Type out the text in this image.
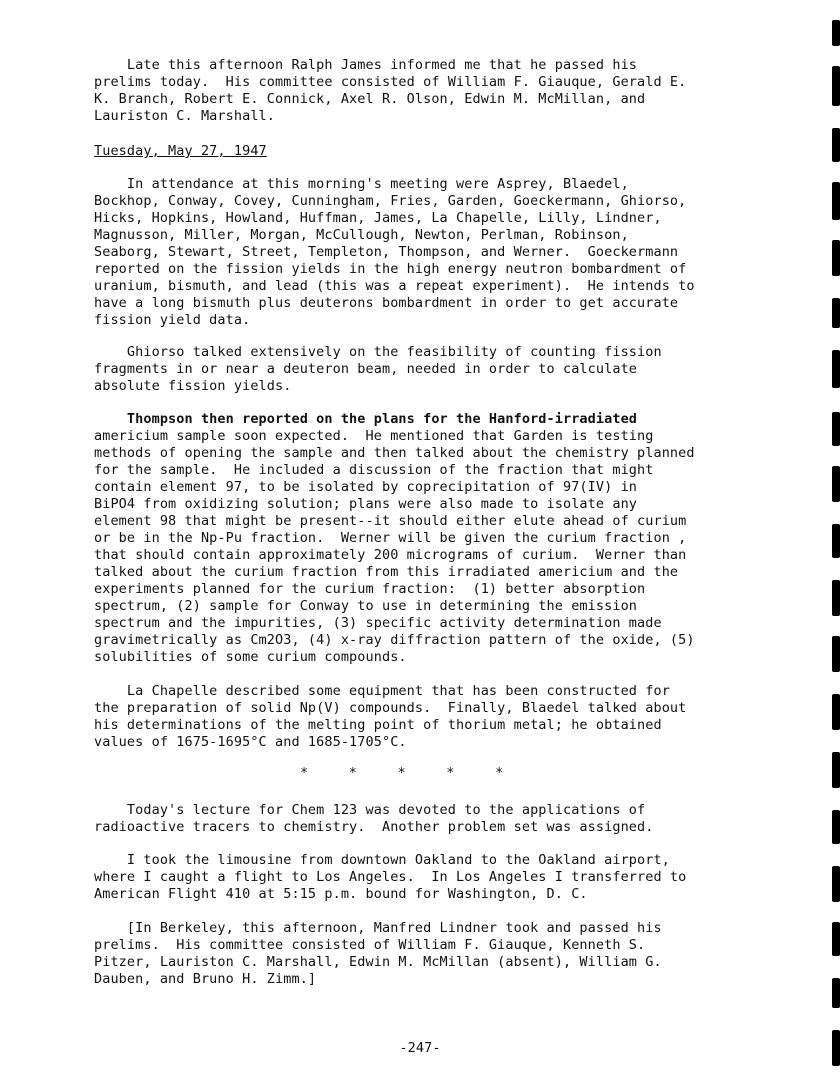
Late this afternoon Ralph James informed me that he passed his
prelims today.  His committee consisted of William F. Giauque, Gerald E.
K. Branch, Robert E. Connick, Axel R. Olson, Edwin M. McMillan, and
Lauriston C. Marshall.

Tuesday, May 27, 1947

In attendance at this morning's meeting were Asprey, Blaedel,
Bockhop, Conway, Covey, Cunningham, Fries, Garden, Goeckermann, Ghiorso,
Hicks, Hopkins, Howland, Huffman, James, La Chapelle, Lilly, Lindner,
Magnusson, Miller, Morgan, McCullough, Newton, Perlman, Robinson,
Seaborg, Stewart, Street, Templeton, Thompson, and Werner.  Goeckermann
reported on the fission yields in the high energy neutron bombardment of
uranium, bismuth, and lead (this was a repeat experiment).  He intends to
have a long bismuth plus deuterons bombardment in order to get accurate
fission yield data.

Ghiorso talked extensively on the feasibility of counting fission
fragments in or near a deuteron beam, needed in order to calculate
absolute fission yields.

Thompson then reported on the plans for the Hanford-irradiated

americium sample soon expected.  He mentioned that Garden is testing
methods of opening the sample and then talked about the chemistry planned
for the sample.  He included a discussion of the fraction that might
contain element 97, to be isolated by coprecipitation of 97(IV) in
BiPO4 from oxidizing solution; plans were also made to isolate any
element 98 that might be present--it should either elute ahead of curium
or be in the Np-Pu fraction.  Werner will be given the curium fraction ,
that should contain approximately 200 micrograms of curium.  Werner than
talked about the curium fraction from this irradiated americium and the
experiments planned for the curium fraction:  (1) better absorption
spectrum, (2) sample for Conway to use in determining the emission
spectrum and the impurities, (3) specific activity determination made
gravimetrically as Cm2O3, (4) x-ray diffraction pattern of the oxide, (5)
solubilities of some curium compounds.

La Chapelle described some equipment that has been constructed for
the preparation of solid Np(V) compounds.  Finally, Blaedel talked about
his determinations of the melting point of thorium metal; he obtained
values of 1675-1695°C and 1685-1705°C.

*     *     *     *     *

Today's lecture for Chem 123 was devoted to the applications of
radioactive tracers to chemistry.  Another problem set was assigned.

I took the limousine from downtown Oakland to the Oakland airport,
where I caught a flight to Los Angeles.  In Los Angeles I transferred to
American Flight 410 at 5:15 p.m. bound for Washington, D. C.

[In Berkeley, this afternoon, Manfred Lindner took and passed his
prelims.  His committee consisted of William F. Giauque, Kenneth S.
Pitzer, Lauriston C. Marshall, Edwin M. McMillan (absent), William G.
Dauben, and Bruno H. Zimm.]

-247-
